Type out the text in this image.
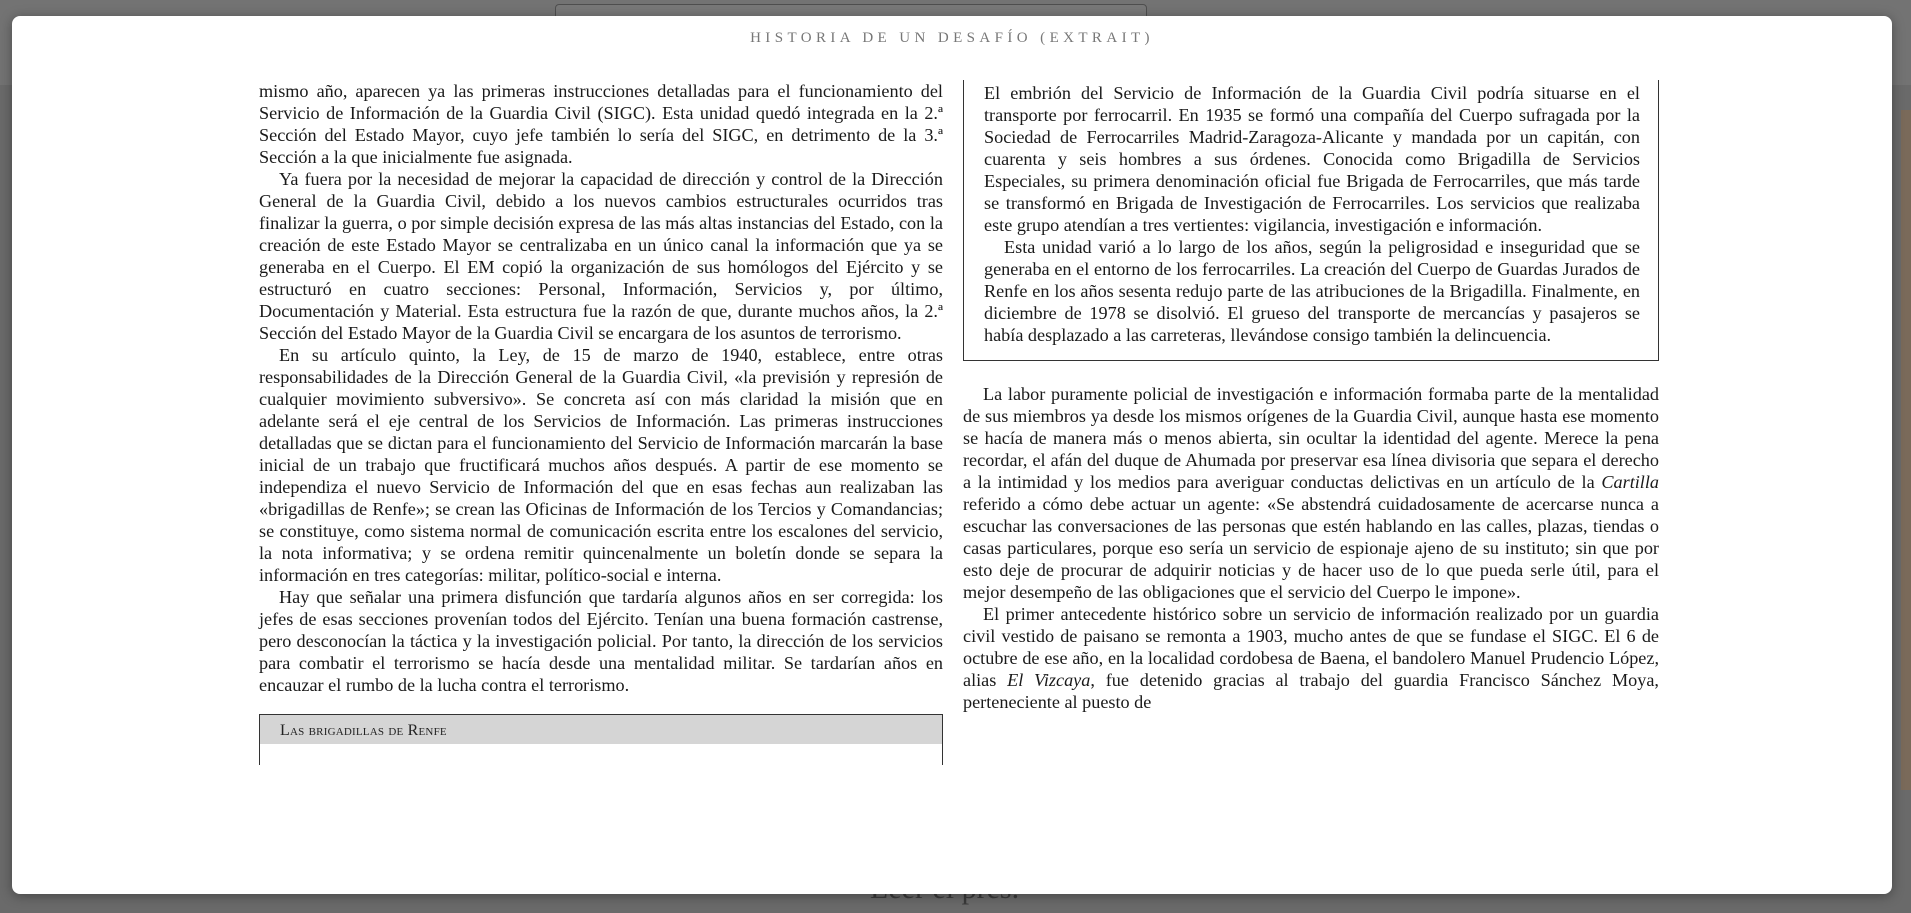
HISTORIA DE UN DESAFÍO (EXTRAIT)

mismo año, aparecen ya las primeras instrucciones detalladas para el funcionamiento del Servicio de Información de la Guardia Civil (SIGC). Esta unidad quedó integrada en la 2.ª Sección del Estado Mayor, cuyo jefe también lo sería del SIGC, en detrimento de la 3.ª Sección a la que inicialmente fue asignada.

Ya fuera por la necesidad de mejorar la capacidad de dirección y control de la Dirección General de la Guardia Civil, debido a los nuevos cambios estructurales ocurridos tras finalizar la guerra, o por simple decisión expresa de las más altas instancias del Estado, con la creación de este Estado Mayor se centralizaba en un único canal la información que ya se generaba en el Cuerpo. El EM copió la organización de sus homólogos del Ejército y se estructuró en cuatro secciones: Personal, Información, Servicios y, por último, Documentación y Material. Esta estructura fue la razón de que, durante muchos años, la 2.ª Sección del Estado Mayor de la Guardia Civil se encargara de los asuntos de terrorismo.

En su artículo quinto, la Ley, de 15 de marzo de 1940, establece, entre otras responsabilidades de la Dirección General de la Guardia Civil, «la previsión y represión de cualquier movimiento subversivo». Se concreta así con más claridad la misión que en adelante será el eje central de los Servicios de Información. Las primeras instrucciones detalladas que se dictan para el funcionamiento del Servicio de Información marcarán la base inicial de un trabajo que fructificará muchos años después. A partir de ese momento se independiza el nuevo Servicio de Información del que en esas fechas aun realizaban las «brigadillas de Renfe»; se crean las Oficinas de Información de los Tercios y Comandancias; se constituye, como sistema normal de comunicación escrita entre los escalones del servicio, la nota informativa; y se ordena remitir quincenalmente un boletín donde se separa la información en tres categorías: militar, político-social e interna.

Hay que señalar una primera disfunción que tardaría algunos años en ser corregida: los jefes de esas secciones provenían todos del Ejército. Tenían una buena formación castrense, pero desconocían la táctica y la investigación policial. Por tanto, la dirección de los servicios para combatir el terrorismo se hacía desde una mentalidad militar. Se tardarían años en encauzar el rumbo de la lucha contra el terrorismo.

Las brigadillas de Renfe

El embrión del Servicio de Información de la Guardia Civil podría situarse en el transporte por ferrocarril. En 1935 se formó una compañía del Cuerpo sufragada por la Sociedad de Ferrocarriles Madrid-Zaragoza-Alicante y mandada por un capitán, con cuarenta y seis hombres a sus órdenes. Conocida como Brigadilla de Servicios Especiales, su primera denominación oficial fue Brigada de Ferrocarriles, que más tarde se transformó en Brigada de Investigación de Ferrocarriles. Los servicios que realizaba este grupo atendían a tres vertientes: vigilancia, investigación e información.

Esta unidad varió a lo largo de los años, según la peligrosidad e inseguridad que se generaba en el entorno de los ferrocarriles. La creación del Cuerpo de Guardas Jurados de Renfe en los años sesenta redujo parte de las atribuciones de la Brigadilla. Finalmente, en diciembre de 1978 se disolvió. El grueso del transporte de mercancías y pasajeros se había desplazado a las carreteras, llevándose consigo también la delincuencia.

La labor puramente policial de investigación e información formaba parte de la mentalidad de sus miembros ya desde los mismos orígenes de la Guardia Civil, aunque hasta ese momento se hacía de manera más o menos abierta, sin ocultar la identidad del agente. Merece la pena recordar, el afán del duque de Ahumada por preservar esa línea divisoria que separa el derecho a la intimidad y los medios para averiguar conductas delictivas en un artículo de la Cartilla referido a cómo debe actuar un agente: «Se abstendrá cuidadosamente de acercarse nunca a escuchar las conversaciones de las personas que estén hablando en las calles, plazas, tiendas o casas particulares, porque eso sería un servicio de espionaje ajeno de su instituto; sin que por esto deje de procurar de adquirir noticias y de hacer uso de lo que pueda serle útil, para el mejor desempeño de las obligaciones que el servicio del Cuerpo le impone».

El primer antecedente histórico sobre un servicio de información realizado por un guardia civil vestido de paisano se remonta a 1903, mucho antes de que se fundase el SIGC. El 6 de octubre de ese año, en la localidad cordobesa de Baena, el bandolero Manuel Prudencio López, alias El Vizcaya, fue detenido gracias al trabajo del guardia Francisco Sánchez Moya, perteneciente al puesto de
